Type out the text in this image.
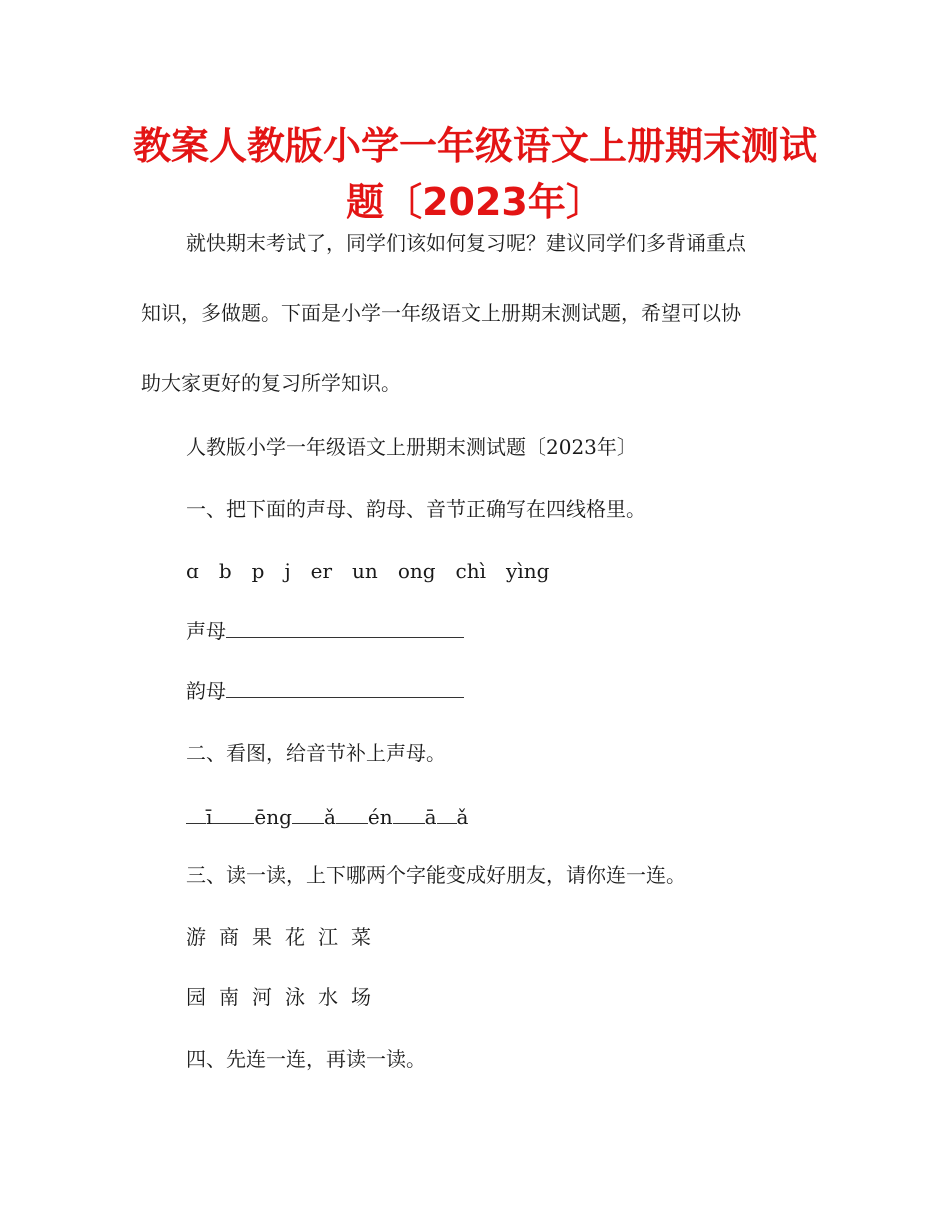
教案人教版小学一年级语文上册期末测试题〔2023年〕
就快期末考试了，同学们该如何复习呢？建议同学们多背诵重点
知识，多做题。下面是小学一年级语文上册期末测试题，希望可以协
助大家更好的复习所学知识。
人教版小学一年级语文上册期末测试题〔2023年〕
一、把下面的声母、韵母、音节正确写在四线格里。
ɑ b p j er un ong chì yìng
声母
韵母
二、看图，给音节补上声母。
ī ēng ǎ én ā ǎ
三、读一读，上下哪两个字能变成好朋友，请你连一连。
游 商 果 花 江 菜
园 南 河 泳 水 场
四、先连一连，再读一读。
